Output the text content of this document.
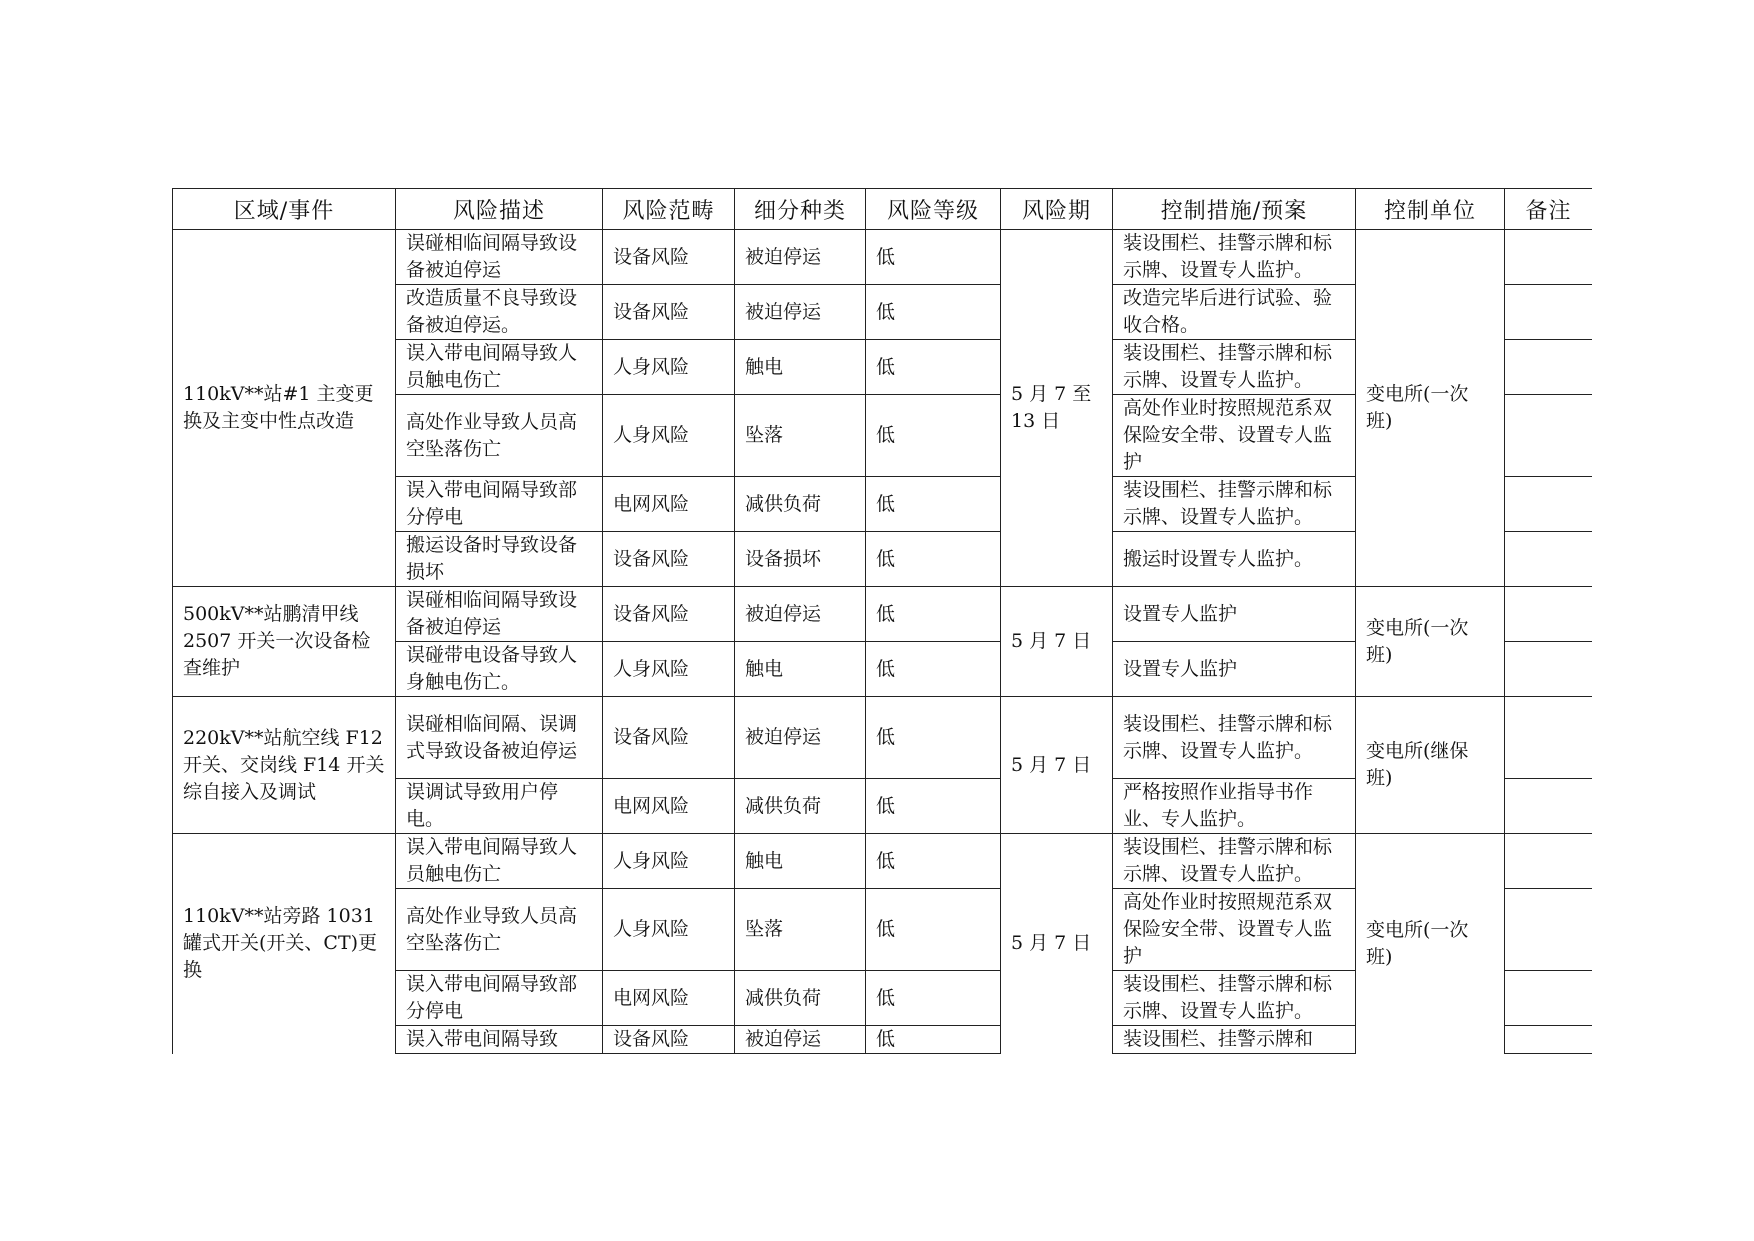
区域/事件	风险描述	风险范畴	细分种类	风险等级	风险期	控制措施/预案	控制单位	备注
110kV**站#1 主变更换及主变中性点改造	误碰相临间隔导致设备被迫停运	设备风险	被迫停运	低	5 月 7 至 13 日	装设围栏、挂警示牌和标示牌、设置专人监护。	变电所(一次班)	
	改造质量不良导致设备被迫停运。	设备风险	被迫停运	低		改造完毕后进行试验、验收合格。		
	误入带电间隔导致人员触电伤亡	人身风险	触电	低		装设围栏、挂警示牌和标示牌、设置专人监护。		
	高处作业导致人员高空坠落伤亡	人身风险	坠落	低		高处作业时按照规范系双保险安全带、设置专人监护		
	误入带电间隔导致部分停电	电网风险	减供负荷	低		装设围栏、挂警示牌和标示牌、设置专人监护。		
	搬运设备时导致设备损坏	设备风险	设备损坏	低		搬运时设置专人监护。		
500kV**站鹏清甲线 2507 开关一次设备检查维护	误碰相临间隔导致设备被迫停运	设备风险	被迫停运	低	5 月 7 日	设置专人监护	变电所(一次班)	
	误碰带电设备导致人身触电伤亡。	人身风险	触电	低		设置专人监护		
220kV**站航空线 F12 开关、交岗线 F14 开关综自接入及调试	误碰相临间隔、误调式导致设备被迫停运	设备风险	被迫停运	低	5 月 7 日	装设围栏、挂警示牌和标示牌、设置专人监护。	变电所(继保班)	
	误调试导致用户停电。	电网风险	减供负荷	低		严格按照作业指导书作业、专人监护。		
110kV**站旁路 1031 罐式开关(开关、CT)更换	误入带电间隔导致人员触电伤亡	人身风险	触电	低	5 月 7 日	装设围栏、挂警示牌和标示牌、设置专人监护。	变电所(一次班)	
	高处作业导致人员高空坠落伤亡	人身风险	坠落	低		高处作业时按照规范系双保险安全带、设置专人监护		
	误入带电间隔导致部分停电	电网风险	减供负荷	低		装设围栏、挂警示牌和标示牌、设置专人监护。		
	误入带电间隔导致	设备风险	被迫停运	低		装设围栏、挂警示牌和		
